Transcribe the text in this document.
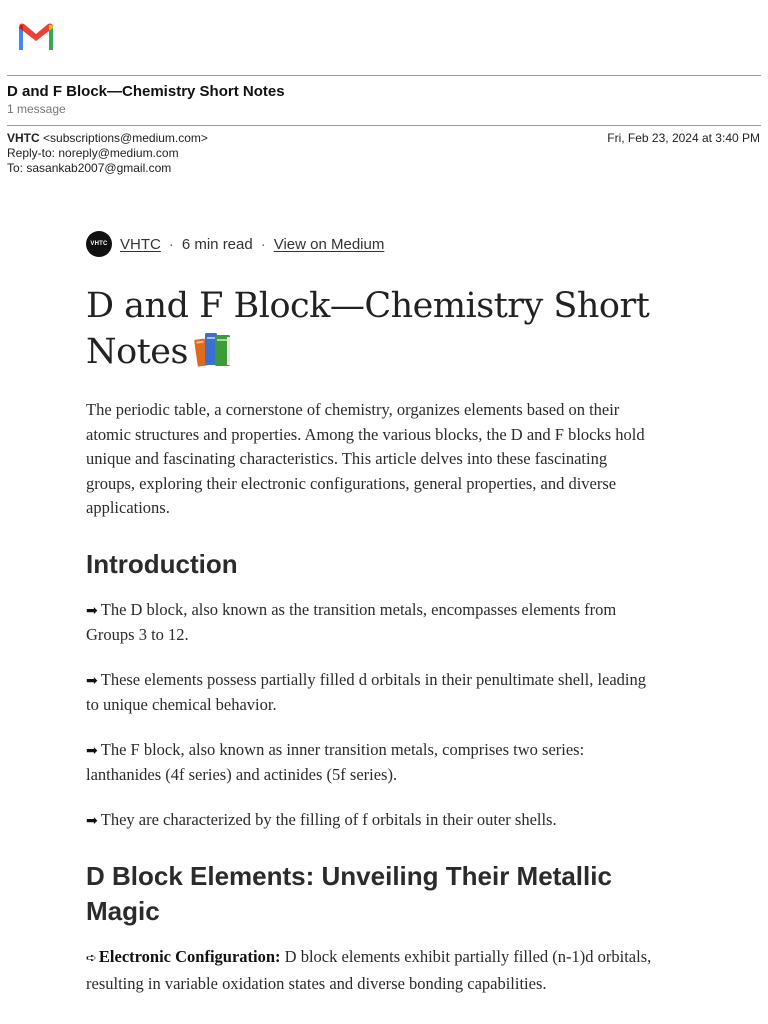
D and F Block—Chemistry Short Notes
1 message
VHTC <subscriptions@medium.com>
Reply-to: noreply@medium.com
To: sasankab2007@gmail.com
Fri, Feb 23, 2024 at 3:40 PM
VHTC VHTC · 6 min read · View on Medium
D and F Block—Chemistry Short Notes

The periodic table, a cornerstone of chemistry, organizes elements based on their atomic structures and properties. Among the various blocks, the D and F blocks hold unique and fascinating characteristics. This article delves into these fascinating groups, exploring their electronic configurations, general properties, and diverse applications.

Introduction

➡ The D block, also known as the transition metals, encompasses elements from Groups 3 to 12.

➡ These elements possess partially filled d orbitals in their penultimate shell, leading to unique chemical behavior.

➡ The F block, also known as inner transition metals, comprises two series: lanthanides (4f series) and actinides (5f series).

➡ They are characterized by the filling of f orbitals in their outer shells.

D Block Elements: Unveiling Their Metallic Magic

➪ Electronic Configuration: D block elements exhibit partially filled (n-1)d orbitals, resulting in variable oxidation states and diverse bonding capabilities.
